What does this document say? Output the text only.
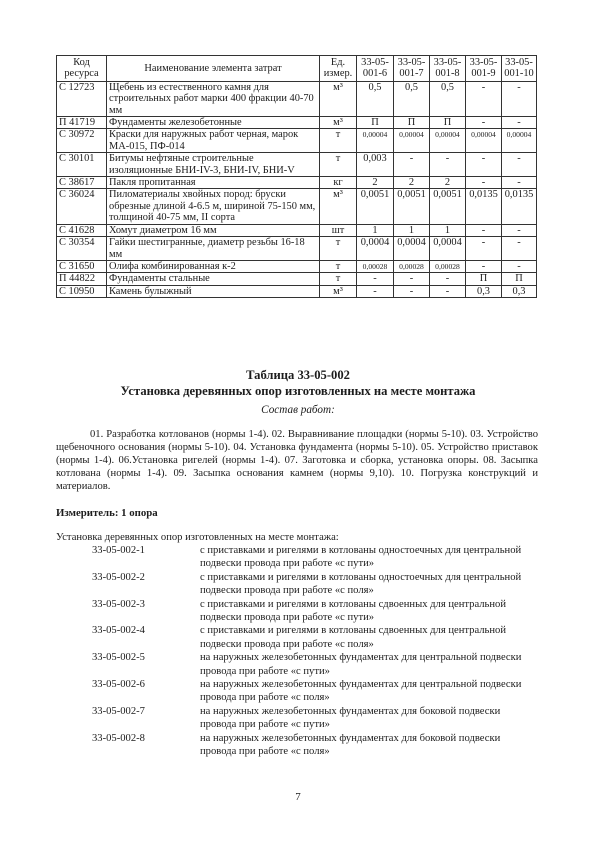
Код ресурса	Наименование элемента затрат	Ед. измер.	33-05-001-6	33-05-001-7	33-05-001-8	33-05-001-9	33-05-001-10
С 12723	Щебень из естественного камня для строительных работ марки 400 фракции 40-70 мм	м³	0,5	0,5	0,5	-	-
П 41719	Фундаменты железобетонные	м³	П	П	П	-	-
С 30972	Краски для наружных работ черная, марок МА-015, ПФ-014	т	0,00004	0,00004	0,00004	0,00004	0,00004
С 30101	Битумы нефтяные строительные изоляционные БНИ-IV-3, БНИ-IV, БНИ-V	т	0,003	-	-	-	-
С 38617	Пакля пропитанная	кг	2	2	2	-	-
С 36024	Пиломатериалы хвойных пород: бруски обрезные длиной 4-6.5 м, шириной 75-150 мм, толщиной 40-75 мм, II сорта	м³	0,0051	0,0051	0,0051	0,0135	0,0135
С 41628	Хомут диаметром 16 мм	шт	1	1	1	-	-
С 30354	Гайки шестигранные, диаметр резьбы 16-18 мм	т	0,0004	0,0004	0,0004	-	-
С 31650	Олифа комбинированная к-2	т	0,00028	0,00028	0,00028	-	-
П 44822	Фундаменты стальные	т	-	-	-	П	П
С 10950	Камень булыжный	м³	-	-	-	0,3	0,3
Таблица 33-05-002
Установка деревянных опор изготовленных на месте монтажа
Состав работ:

01. Разработка котлованов (нормы 1-4). 02. Выравнивание площадки (нормы 5-10). 03. Устройство щебеночного основания (нормы 5-10). 04. Установка фундамента (нормы 5-10). 05. Устройство приставок (нормы 1-4). 06.Установка ригелей (нормы 1-4). 07. Заготовка и сборка, установка опоры. 08. Засыпка котлована (нормы 1-4). 09. Засыпка основания камнем (нормы 9,10). 10. Погрузка конструкций и материалов.

Измеритель: 1 опора
Установка деревянных опор изготовленных на месте монтажа:
33-05-002-1	с приставками и ригелями в котлованы одностоечных для центральной подвески провода при работе «с пути»
33-05-002-2	с приставками и ригелями в котлованы одностоечных для центральной подвески провода при работе «с поля»
33-05-002-3	с приставками и ригелями в котлованы сдвоенных для центральной подвески провода при работе «с пути»
33-05-002-4	с приставками и ригелями в котлованы сдвоенных для центральной подвески провода при работе «с поля»
33-05-002-5	на наружных железобетонных фундаментах для центральной подвески провода при работе «с пути»
33-05-002-6	на наружных железобетонных фундаментах для центральной подвески провода при работе «с поля»
33-05-002-7	на наружных железобетонных фундаментах для боковой подвески провода при работе «с пути»
33-05-002-8	на наружных железобетонных фундаментах для боковой подвески провода при работе «с поля»
7
